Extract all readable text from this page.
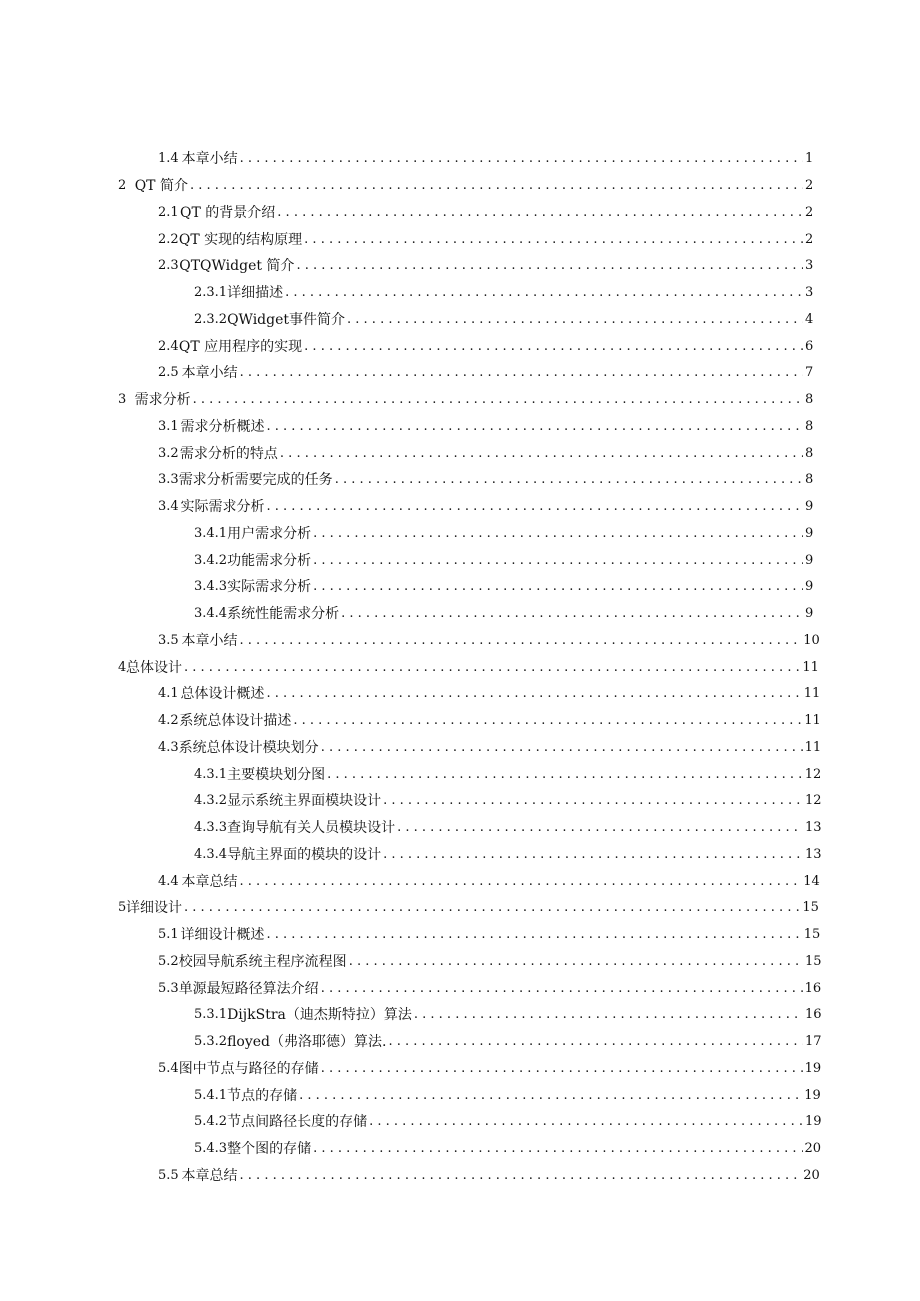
1.4 本章小结 . . .	1
2 QT 简介 . . .	2
2.1 QT 的背景介绍 . . .	2
2.2 QT 实现的结构原理 . . .	2
2.3 QTQWidget 简介 . . .	3
2.3.1 详细描述 . . .	3
2.3.2 QWidget事件简介 . . .	4
2.4 QT 应用程序的实现 . . .	6
2.5 本章小结 . . .	7
3 需求分析 . . .	8
3.1 需求分析概述 . . .	8
3.2 需求分析的特点 . . .	8
3.3 需求分析需要完成的任务 . . .	8
3.4 实际需求分析 . . .	9
3.4.1 用户需求分析 . . .	9
3.4.2 功能需求分析 . . .	9
3.4.3 实际需求分析 . . .	9
3.4.4 系统性能需求分析 . . .	9
3.5 本章小结 . . .	10
4 总体设计 . . .	11
4.1 总体设计概述 . . .	11
4.2 系统总体设计描述 . . .	11
4.3 系统总体设计模块划分 . . .	11
4.3.1 主要模块划分图 . . .	12
4.3.2 显示系统主界面模块设计 . . .	12
4.3.3 查询导航有关人员模块设计 . . .	13
4.3.4 导航主界面的模块的设计 . . .	13
4.4 本章总结 . . .	14
5 详细设计 . . .	15
5.1 详细设计概述 . . .	15
5.2 校园导航系统主程序流程图 . . .	15
5.3 单源最短路径算法介绍 . . .	16
5.3.1 DijkStra（迪杰斯特拉）算法 . . .	16
5.3.2 floyed（弗洛耶德）算法. . . .	17
5.4 图中节点与路径的存储 . . .	19
5.4.1 节点的存储 . . .	19
5.4.2 节点间路径长度的存储 . . .	19
5.4.3 整个图的存储 . . .	20
5.5 本章总结 . . .	20
